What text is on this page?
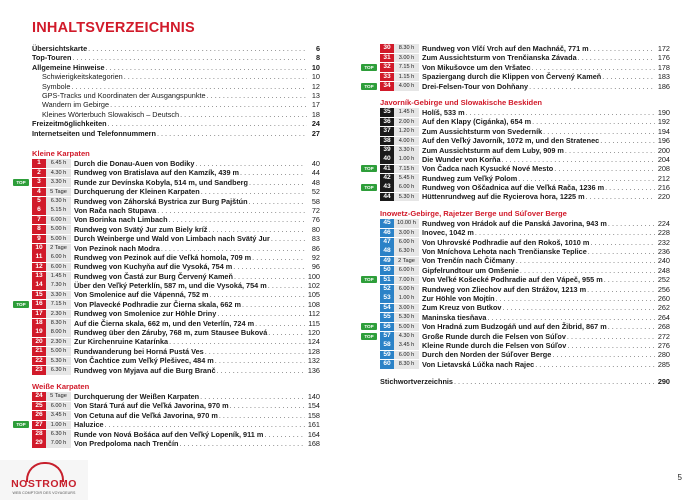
INHALTSVERZEICHNIS
Übersichtskarte . . .	6
Top-Touren . . .	8
Allgemeine Hinweise . . .	10
Schwierigkeitskategorien . . .	10
Symbole . . .	12
GPS-Tracks und Koordinaten der Ausgangspunkte . . .	13
Wandern im Gebirge . . .	17
Kleines Wörterbuch Slowakisch – Deutsch . . .	18
Freizeitmöglichkeiten . . .	24
Internetseiten und Telefonnummern . . .	27
Kleine Karpaten
1	6.45 h	Durch die Donau-Auen von Bodiky . . .	40
2	4.30 h	Rundweg von Bratislava auf den Kamzík, 439 m . . .	44
TOP	3	3.30 h	Runde zur Devínska Kobyla, 514 m, und Sandberg . . .	48
4	5 Tage Durchquerung der Kleinen Karpaten . . .	52
5	6.30 h	Rundweg von Záhorská Bystrica zur Burg Pajštún . . .	58
6	5.15 h	Von Rača nach Stupava . . .	72
7	6.00 h	Von Borinka nach Limbach . . .	76
8	5.00 h	Rundweg von Svätý Jur zum Biely kríž . . .	80
9	5.00 h	Durch Weinberge und Wald von Limbach nach Svätý Jur . . .	83
10	2 Tage Von Pezinok nach Modra . . .	86
11	6.00 h	Rundweg von Pezinok auf die Veľká homola, 709 m . . .	92
12	6.00 h	Rundweg von Kuchyňa auf die Vysoká, 754 m . . .	96
13	1.45 h	Rundweg von Častá zur Burg Červený Kameň . . .	100
14	7.30 h	Über den Veľký Peterklín, 587 m, und die Vysoká, 754 m . . .	102
15	3.30 h	Von Smolenice auf die Vápenná, 752 m . . .	105
TOP	16	7.15 h	Von Plavecké Podhradie zur Čierna skala, 662 m . . .	108
17	2.30 h	Rundweg von Smolenice zur Höhle Driny . . .	112
18	8.30 h	Auf die Čierna skala, 662 m, und den Veterlín, 724 m . . .	115
19	8.00 h	Rundweg über den Záruby, 768 m, zum Stausee Buková . . .	120
20	2.30 h	Zur Kirchenruine Katarínka . . .	124
21	5.00 h	Rundwanderung bei Horná Pustá Ves . . .	128
22	5.30 h	Von Čachtice zum Veľký Plešivec, 484 m . . .	132
23	6.30 h	Rundweg von Myjava auf die Burg Branč . . .	136
Weiße Karpaten
24	5 Tage Durchquerung der Weißen Karpaten . . .	140
25	6.00 h	Von Stará Turá auf die Veľká Javorina, 970 m . . .	154
26	3.45 h	Von Cetuna auf die Veľká Javorina, 970 m . . .	158
TOP	27	1.00 h	Haluzice . . .	161
28	6.30 h	Runde von Nová Bošáca auf den Veľký Lopeník, 911 m . . .	164
29	7.00 h	Von Predpoloma nach Trenčín . . .	168
30	8.30 h	Rundweg von Vlčí Vrch auf den Machnáč, 771 m . . .	172
31	3.00 h	Zum Aussichtsturm von Trenčianska Závada . . .	176
TOP	32	7.15 h	Von Mikušovce um den Vršatec . . .	178
33	1.15 h	Spaziergang durch die Klippen von Červený Kameň . . .	183
TOP	34	4.00 h	Drei-Felsen-Tour von Dohňany . . .	186
Javorník-Gebirge und Slowakische Beskiden
35	1.45 h	Holíš, 533 m . . .	190
36	2.00 h	Auf den Klapy (Cigánka), 654 m . . .	192
37	1.20 h	Zum Aussichtsturm von Svederník . . .	194
38	4.00 h	Auf den Veľký Javorník, 1072 m, und den Stratenec . . .	196
39	3.30 h	Zum Aussichtsturm auf dem Luby, 909 m . . .	200
40	1.00 h	Die Wunder von Korňa . . .	204
TOP	41	7.15 h	Von Čadca nach Kysucké Nové Mesto . . .	208
42	5.45 h	Rundweg zum Veľký Polom . . .	212
TOP	43	6.00 h	Rundweg von Oščadnica auf die Veľká Rača, 1236 m . . .	216
44	5.30 h	Hüttenrundweg auf die Rycierova hora, 1225 m . . .	220
Inowetz-Gebirge, Rajetzer Berge und Súľover Berge
45	10.00 h Rundweg von Hrádok auf die Panská Javorina, 943 m . . .	224
46	3.00 h	Inovec, 1042 m . . .	228
47	6.00 h	Von Uhrovské Podhradie auf den Rokoš, 1010 m . . .	232
48	6.30 h	Von Mníchova Lehota nach Trenčianske Teplice . . .	236
49	2 Tage Von Trenčín nach Čičmany . . .	240
50	6.00 h	Gipfelrundtour um Omšenie . . .	248
TOP	51	7.00 h	Von Veľké Košecké Podhradie auf den Vápeč, 955 m . . .	252
52	6.00 h	Rundweg von Zliechov auf den Strážov, 1213 m . . .	256
53	1.00 h	Zur Höhle von Mojtín . . .	260
54	3.00 h	Zum Kreuz von Butkov . . .	262
55	5.30 h	Maninska tiesňava . . .	264
TOP	56	5.00 h	Von Hradná zum Budzogáň und auf den Žibrid, 867 m . . .	268
TOP	57	4.30 h	Große Runde durch die Felsen von Súľov . . .	272
58	3.45 h	Kleine Runde durch die Felsen von Súľov . . .	276
59	6.00 h	Durch den Norden der Súľover Berge . . .	280
60	8.30 h	Von Lietavská Lúčka nach Rajec . . .	285
Stichwortverzeichnis . . .	290
5
NOSTROMO
WEB COMPTOIR DES VOYAGEURS
